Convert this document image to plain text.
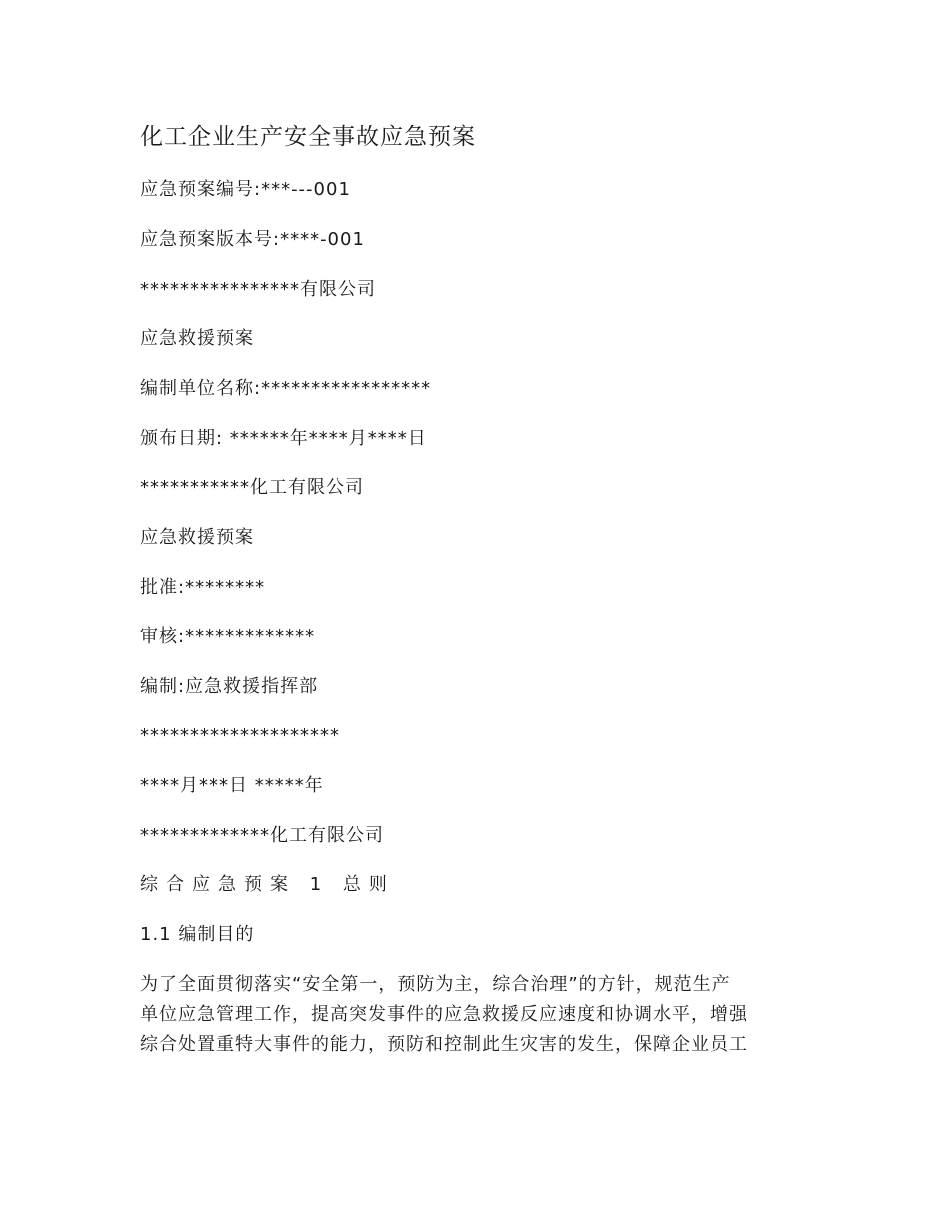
化工企业生产安全事故应急预案
应急预案编号:***---001
应急预案版本号:****-001
****************有限公司
应急救援预案
编制单位名称:*****************
颁布日期: ******年****月****日
***********化工有限公司
应急救援预案
批准:********
审核:*************
编制:应急救援指挥部
********************
****月***日 *****年
*************化工有限公司
综合应急预案 1 总则
1.1 编制目的
为了全面贯彻落实“安全第一，预防为主，综合治理”的方针，规范生产
单位应急管理工作，提高突发事件的应急救援反应速度和协调水平，增强
综合处置重特大事件的能力，预防和控制此生灾害的发生，保障企业员工
